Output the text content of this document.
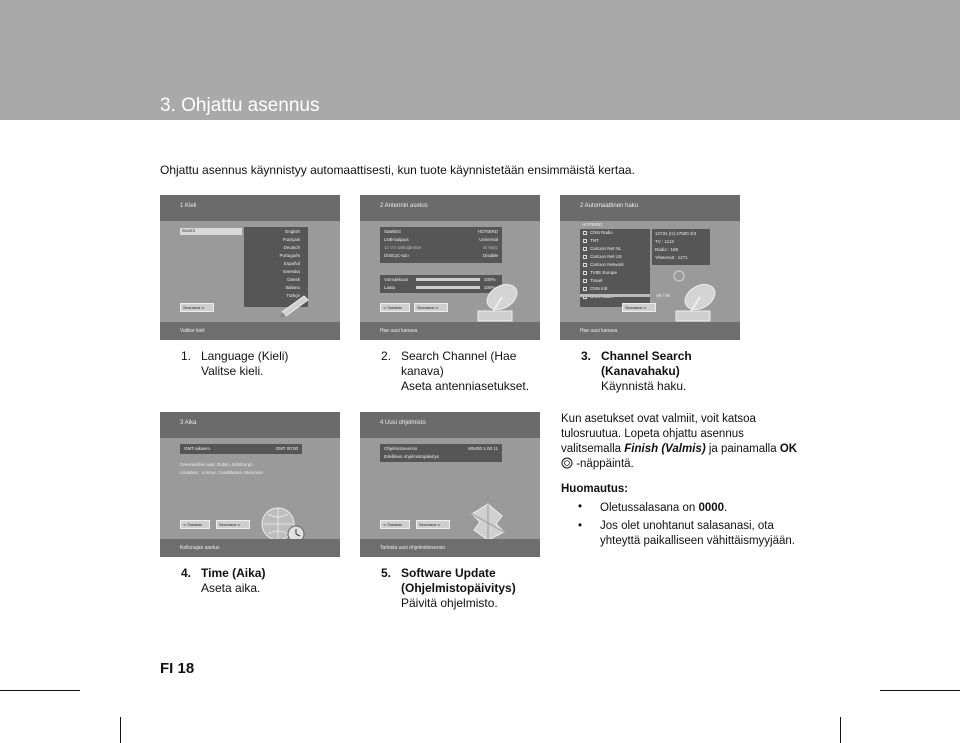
3. Ohjattu asennus
Ohjattu asennus käynnistyy automaattisesti, kun tuote käynnistetään ensimmäistä kertaa.
1 Kieli
Suomi	English
Français
Deutsch
Português
Español
Svenska
Dansk
Italiano
Türkçe
Seuraava ⇨
Valitse kieli
2 Antennin asetus
Satelliitti	HOTBIRD
LNB-taajuus	Universal
12 V:n lähtöjännite	Ei käyt.
DiSEqC-tulo	Disable
Voimakkuus	100%
Laatu	100%
⇦ Takaisin	Seuraava ⇨
Hae uusi kanava
2 Automaattinen haku
HOTBIRD
CNN Radio
TNT
Cartoon Net NL
Cartoon Net US
Cartoon Network
TV8E Europe
Travel
CNN Intl.
12731 (H) 27500 3/4
TV : 1113
Radio : 159
Yhteensä : 1271
99 / 99
Seuraava ⇨
Hae uusi kanava
1. Language (Kieli)
Valitse kieli.
2. Search Channel (Hae
kanava)
Aseta antenniasetukset.
3. Channel Search
(Kanavahaku)
Käynnistä haku.
3 Aika
GMT-aikaero	GMT 00:00
Greenwichin aika: Dublin, Edinburgh
Lissabon : Lontoo, Casablanca, Monrovia
⇦ Takaisin	Seuraava ⇨
Kellonajan asetus
4 Uusi ohjelmisto
Ohjelmistoversio	M5400 1.00.11
Edellinen ohjelmistopäivitys
⇦ Takaisin	Seuraava ⇨
Tarkista uusi ohjelmistoversio
Kun asetukset ovat valmiit, voit katsoa
tulosruutua. Lopeta ohjattu asennus
valitsemalla Finish (Valmis) ja painamalla OK
-näppäintä.
Huomautus:
• Oletussalasana on 0000.
• Jos olet unohtanut salasanasi, ota
yhteyttä paikalliseen vähittäismyyjään.
4. Time (Aika)
Aseta aika.
5. Software Update
(Ohjelmistopäivitys)
Päivitä ohjelmisto.
FI 18
